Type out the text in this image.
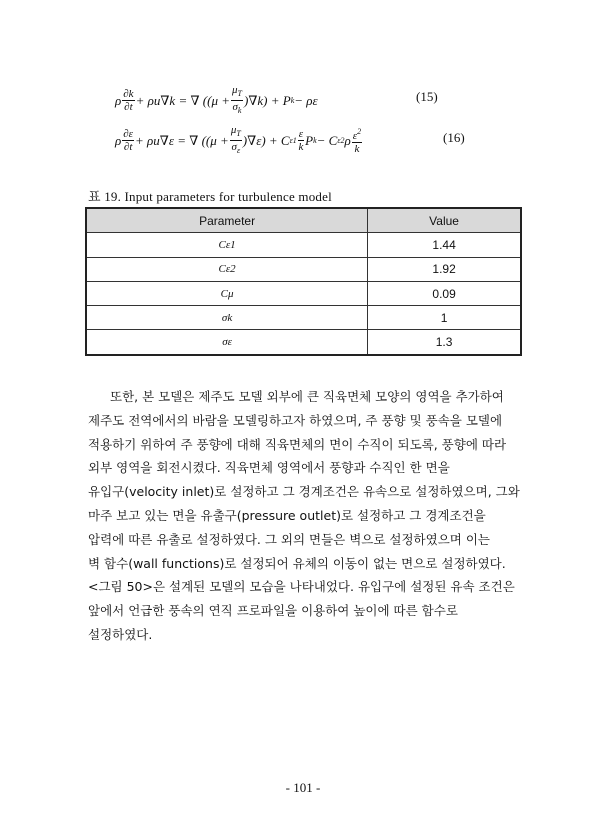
ρ $\frac{\partial k}{\partial t} + \rho u\nabla k$ = ∇ $((\mu + \frac{\mu_T}{\sigma_k} )\nabla k) + P$ k − ρε	(15)
ρ $\frac{\partial\varepsilon}{\partial t} + \rho u\nabla\varepsilon$ = ∇ $((\mu + \frac{\mu_T}{\sigma_\varepsilon} )\nabla\varepsilon) + C$ $\varepsilon 1 \frac{\varepsilon}{k}$ P k − C ε2 ρ $\frac{\varepsilon^2}{k}$	(16)
표 19. Input parameters for turbulence model
Parameter	Value
Cε1	1.44
Cε2	1.92
Cμ	0.09
σk	1
σε	1.3
또한, 본 모델은 제주도 모델 외부에 큰 직육면체 모양의 영역을 추가하여
제주도 전역에서의 바람을 모델링하고자 하였으며, 주 풍향 및 풍속을 모델에
적용하기 위하여 주 풍향에 대해 직육면체의 면이 수직이 되도록, 풍향에 따라
외부 영역을 회전시켰다. 직육면체 영역에서 풍향과 수직인 한 면을
유입구(velocity inlet)로 설정하고 그 경계조건은 유속으로 설정하였으며, 그와
마주 보고 있는 면을 유출구(pressure outlet)로 설정하고 그 경계조건을
압력에 따른 유출로 설정하였다. 그 외의 면들은 벽으로 설정하였으며 이는
벽 함수(wall functions)로 설정되어 유체의 이동이 없는 면으로 설정하였다.
<그림 50>은 설계된 모델의 모습을 나타내었다. 유입구에 설정된 유속 조건은
앞에서 언급한 풍속의 연직 프로파일을 이용하여 높이에 따른 함수로
설정하였다.
- 101 -
